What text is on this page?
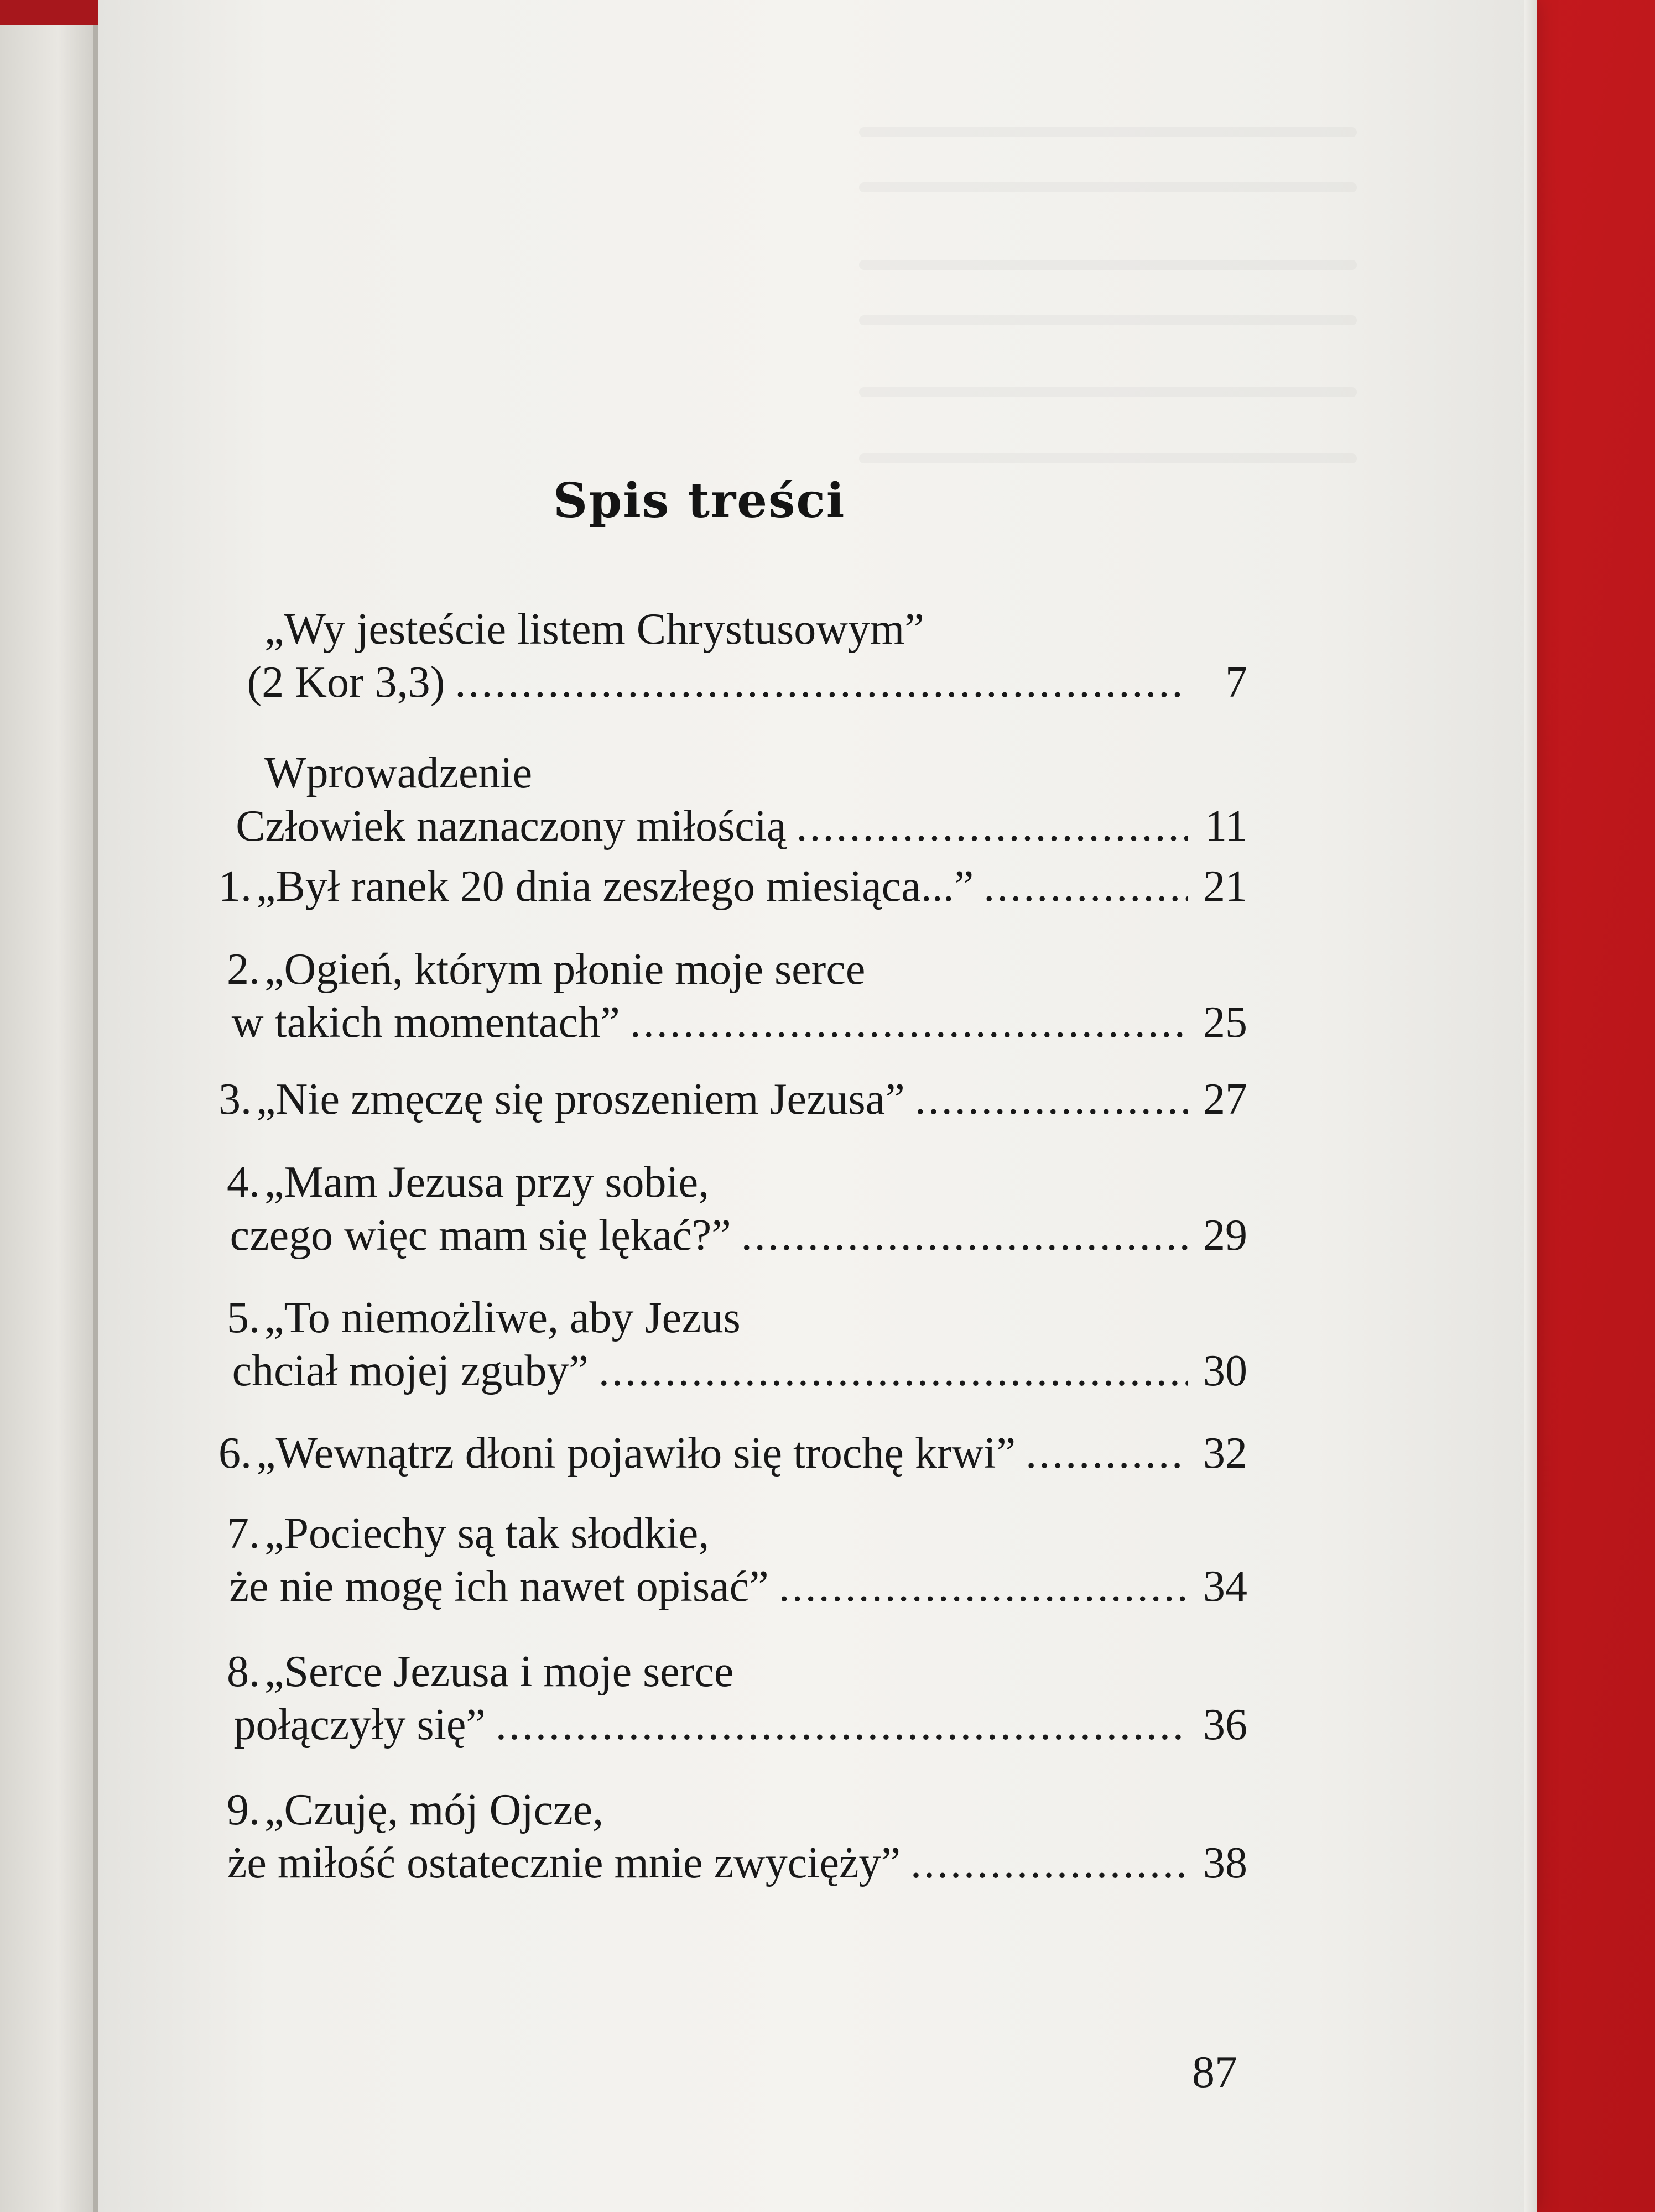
Spis treści
„Wy jesteście listem Chrystusowym”
(2 Kor 3,3) .....	7
Wprowadzenie
Człowiek naznaczony miłością .....	11
1. „Był ranek 20 dnia zeszłego miesiąca...” .....	21
2. „Ogień, którym płonie moje serce
w takich momentach” .....	25
3. „Nie zmęczę się proszeniem Jezusa” .....	27
4. „Mam Jezusa przy sobie,
czego więc mam się lękać?” .....	29
5. „To niemożliwe, aby Jezus
chciał mojej zguby” .....	30
6. „Wewnątrz dłoni pojawiło się trochę krwi” .....	32
7. „Pociechy są tak słodkie,
że nie mogę ich nawet opisać” .....	34
8. „Serce Jezusa i moje serce
połączyły się” .....	36
9. „Czuję, mój Ojcze,
że miłość ostatecznie mnie zwycięży” .....	38
87
